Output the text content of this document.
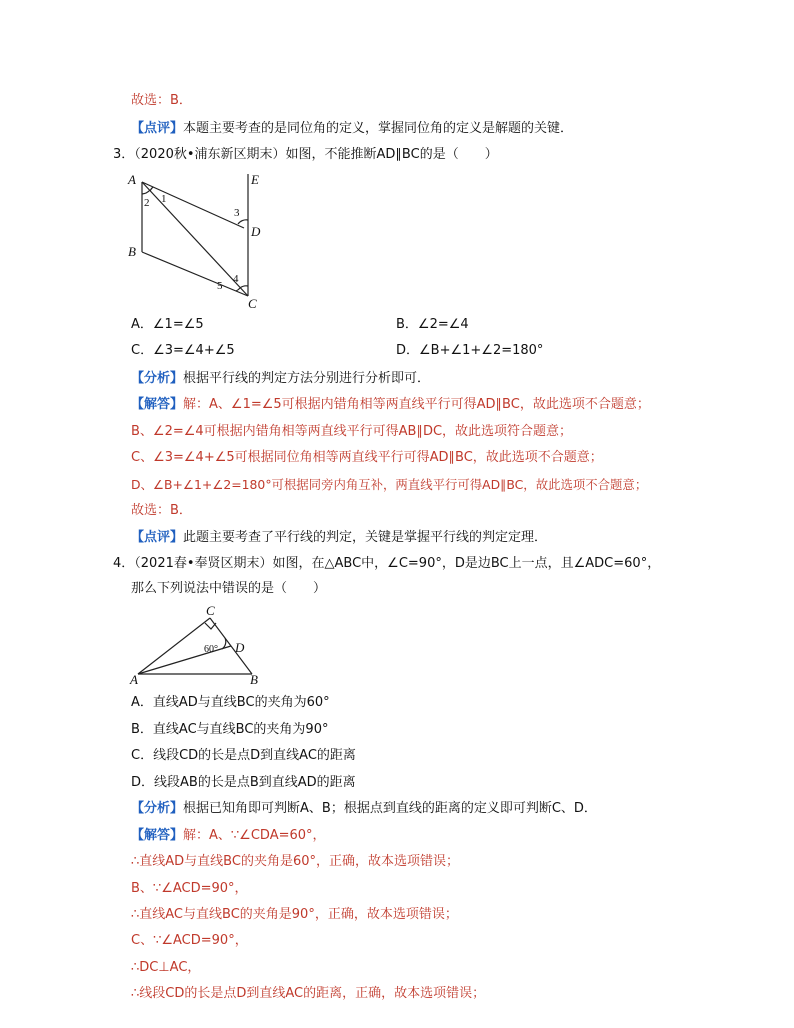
故选：B．
【点评】本题主要考查的是同位角的定义，掌握同位角的定义是解题的关键．
3．（2020秋•浦东新区期末）如图，不能推断AD∥BC的是（　　）
A
B
C
D
E
1
2
3
4
5
A．∠1=∠5	B．∠2=∠4
C．∠3=∠4+∠5	D．∠B+∠1+∠2=180°
【分析】根据平行线的判定方法分别进行分析即可．
【解答】解：A、∠1=∠5可根据内错角相等两直线平行可得AD∥BC，故此选项不合题意；
B、∠2=∠4可根据内错角相等两直线平行可得AB∥DC，故此选项符合题意；
C、∠3=∠4+∠5可根据同位角相等两直线平行可得AD∥BC，故此选项不合题意；
D、∠B+∠1+∠2=180°可根据同旁内角互补，两直线平行可得AD∥BC，故此选项不合题意；
故选：B．
【点评】此题主要考查了平行线的判定，关键是掌握平行线的判定定理．
4．（2021春•奉贤区期末）如图，在△ABC中，∠C=90°，D是边BC上一点，且∠ADC=60°，
那么下列说法中错误的是（　　）
A	B
C
D
60°
A．直线AD与直线BC的夹角为60°
B．直线AC与直线BC的夹角为90°
C．线段CD的长是点D到直线AC的距离
D．线段AB的长是点B到直线AD的距离
【分析】根据已知角即可判断A、B；根据点到直线的距离的定义即可判断C、D．
【解答】解：A、∵∠CDA=60°，
∴直线AD与直线BC的夹角是60°，正确，故本选项错误；
B、∵∠ACD=90°，
∴直线AC与直线BC的夹角是90°，正确，故本选项错误；
C、∵∠ACD=90°，
∴DC⊥AC，
∴线段CD的长是点D到直线AC的距离，正确，故本选项错误；
